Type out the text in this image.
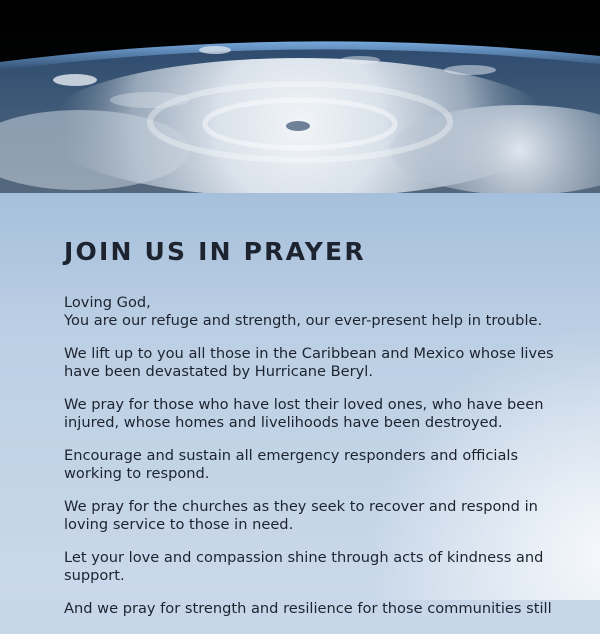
JOIN US IN PRAYER

Loving God,
You are our refuge and strength, our ever-present help in trouble.

We lift up to you all those in the Caribbean and Mexico whose lives
have been devastated by Hurricane Beryl.

We pray for those who have lost their loved ones, who have been
injured, whose homes and livelihoods have been destroyed.

Encourage and sustain all emergency responders and officials
working to respond.

We pray for the churches as they seek to recover and respond in
loving service to those in need.

Let your love and compassion shine through acts of kindness and
support.

And we pray for strength and resilience for those communities still
